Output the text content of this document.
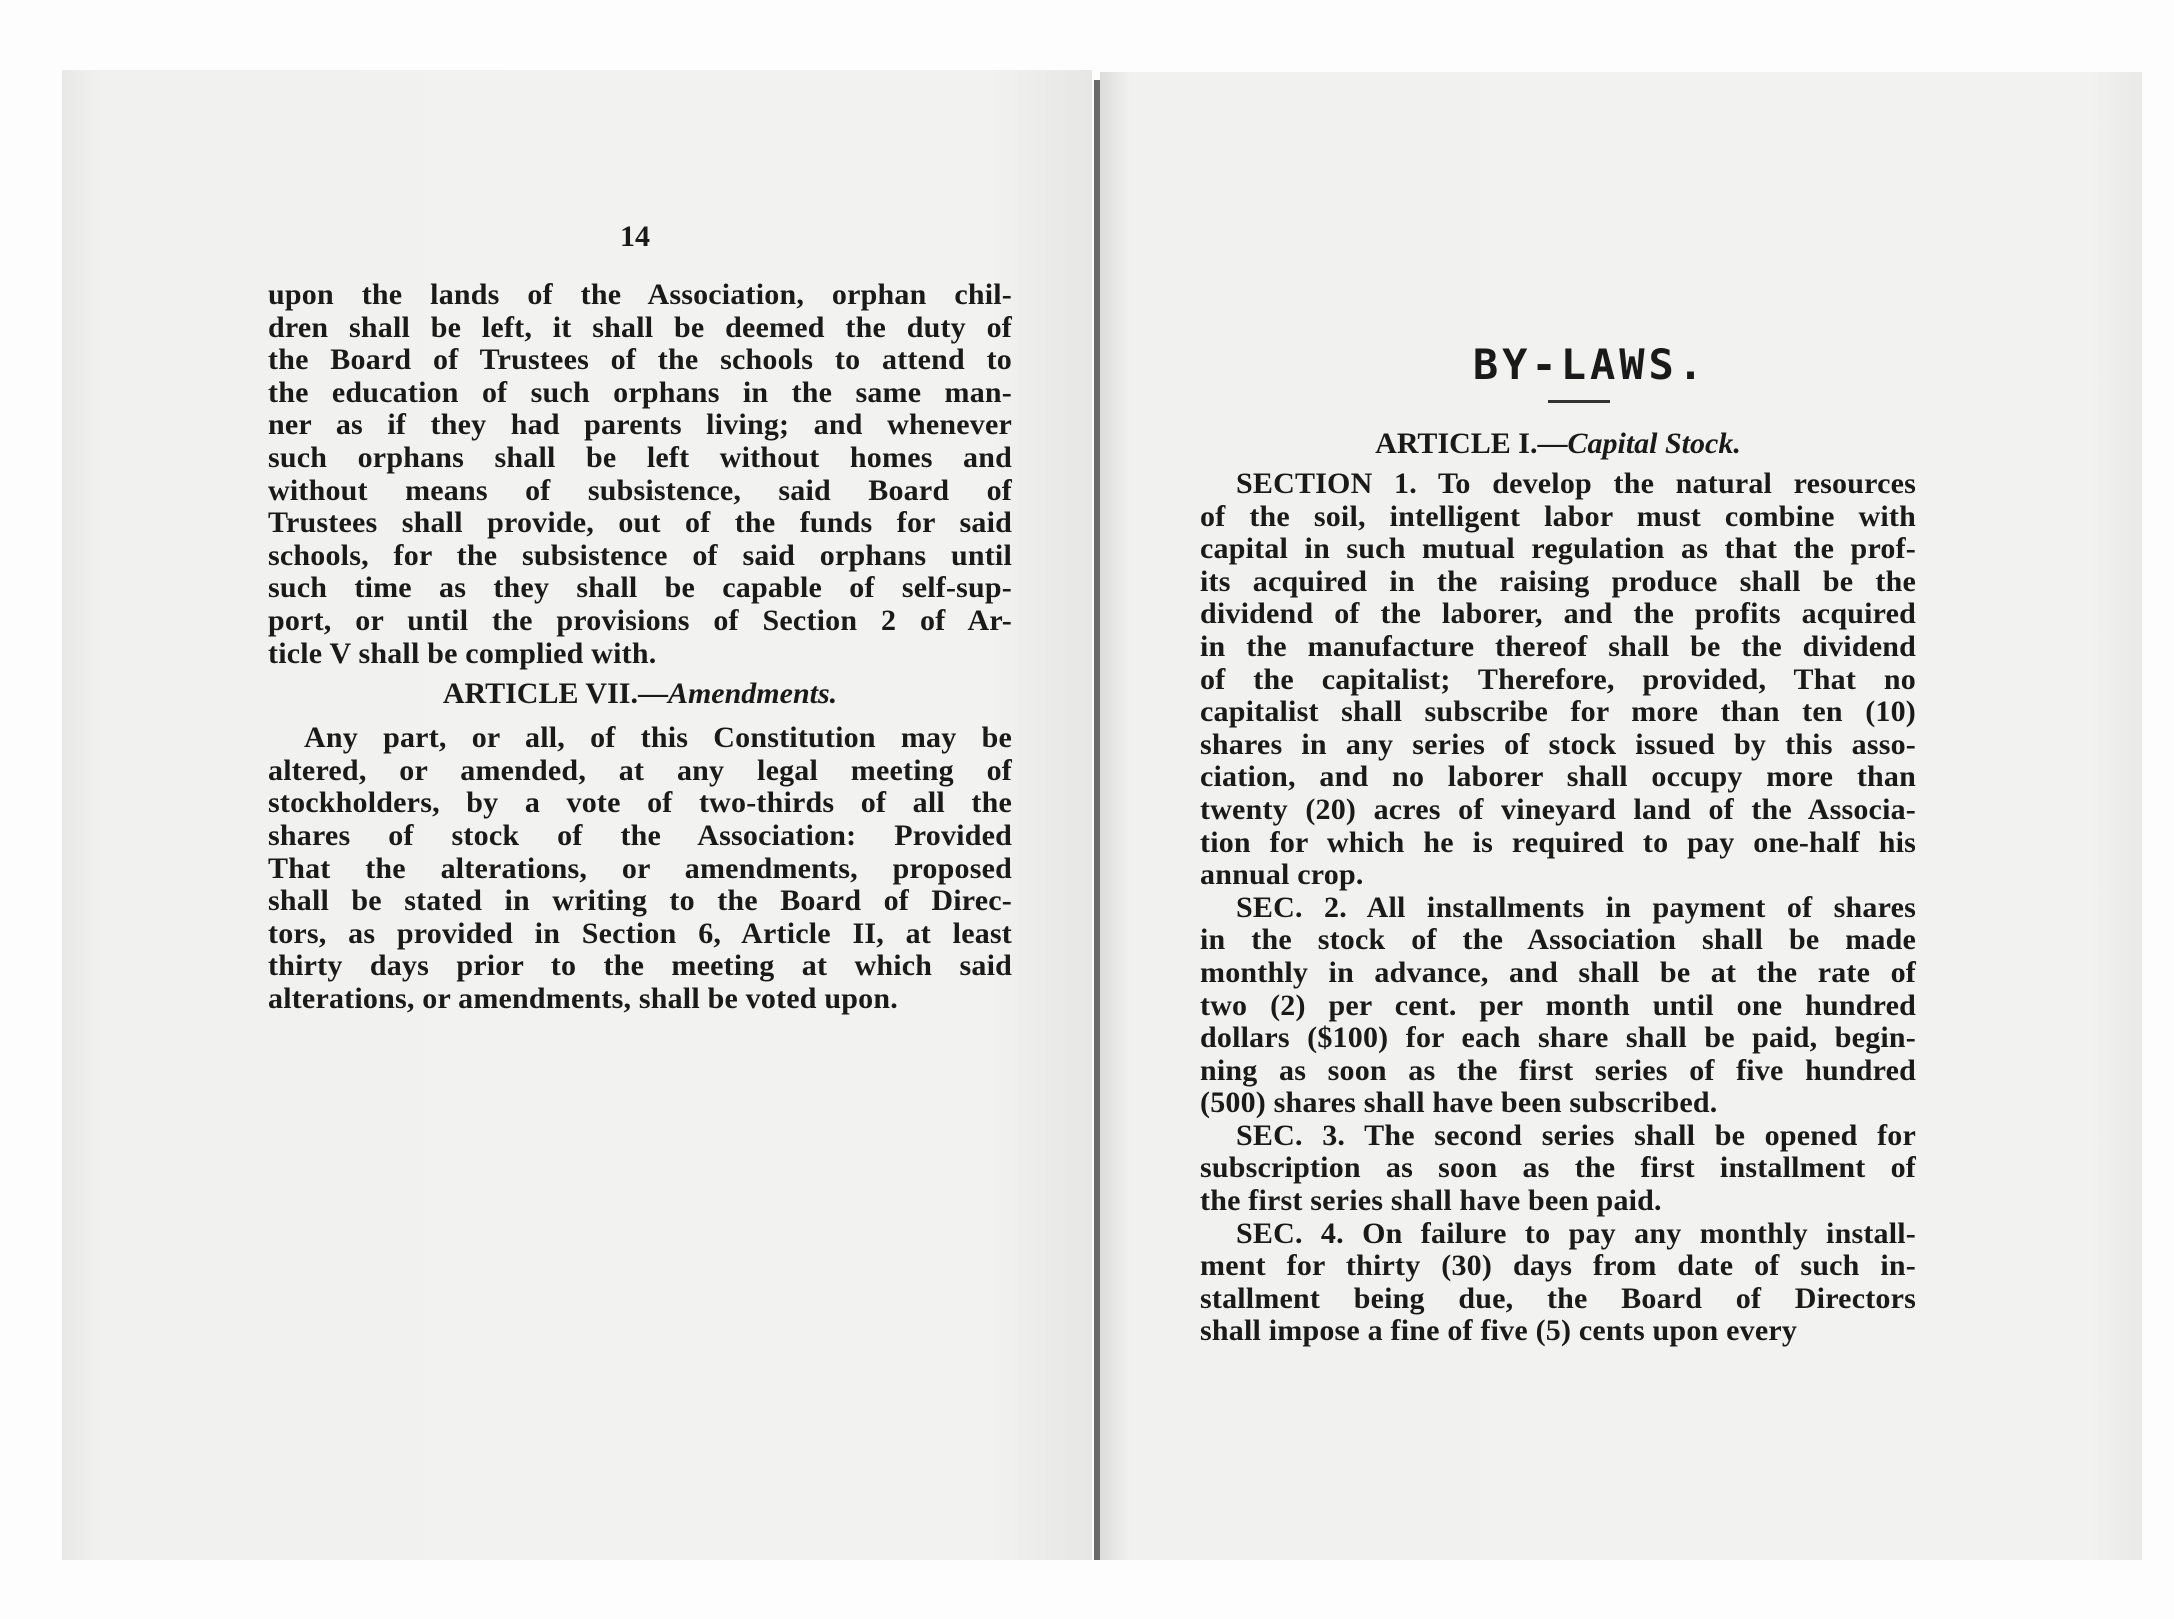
14
upon the lands of the Association, orphan chil-
dren shall be left, it shall be deemed the duty of
the Board of Trustees of the schools to attend to
the education of such orphans in the same man-
ner as if they had parents living; and whenever
such orphans shall be left without homes and
without means of subsistence, said Board of
Trustees shall provide, out of the funds for said
schools, for the subsistence of said orphans until
such time as they shall be capable of self-sup-
port, or until the provisions of Section 2 of Ar-
ticle V shall be complied with.
ARTICLE VII.—Amendments.
Any part, or all, of this Constitution may be
altered, or amended, at any legal meeting of
stockholders, by a vote of two-thirds of all the
shares of stock of the Association: Provided
That the alterations, or amendments, proposed
shall be stated in writing to the Board of Direc-
tors, as provided in Section 6, Article II, at least
thirty days prior to the meeting at which said
alterations, or amendments, shall be voted upon.
BY-LAWS.
ARTICLE I.—Capital Stock.
SECTION 1. To develop the natural resources
of the soil, intelligent labor must combine with
capital in such mutual regulation as that the prof-
its acquired in the raising produce shall be the
dividend of the laborer, and the profits acquired
in the manufacture thereof shall be the dividend
of the capitalist; Therefore, provided, That no
capitalist shall subscribe for more than ten (10)
shares in any series of stock issued by this asso-
ciation, and no laborer shall occupy more than
twenty (20) acres of vineyard land of the Associa-
tion for which he is required to pay one-half his
annual crop.
SEC. 2. All installments in payment of shares
in the stock of the Association shall be made
monthly in advance, and shall be at the rate of
two (2) per cent. per month until one hundred
dollars ($100) for each share shall be paid, begin-
ning as soon as the first series of five hundred
(500) shares shall have been subscribed.
SEC. 3. The second series shall be opened for
subscription as soon as the first installment of
the first series shall have been paid.
SEC. 4. On failure to pay any monthly install-
ment for thirty (30) days from date of such in-
stallment being due, the Board of Directors
shall impose a fine of five (5) cents upon every
